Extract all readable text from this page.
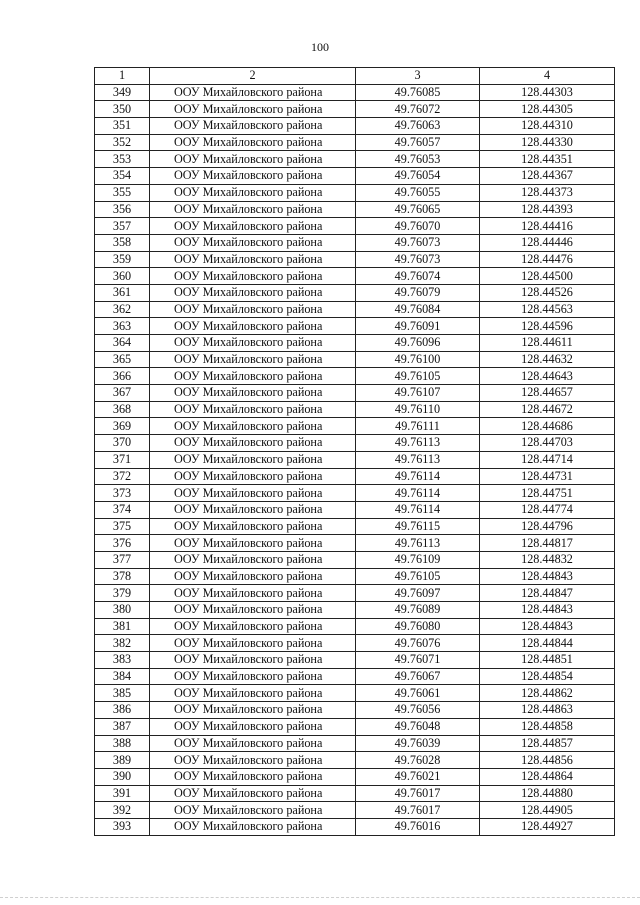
100
1	2	3	4
349	ООУ Михайловского района	49.76085	128.44303
350	ООУ Михайловского района	49.76072	128.44305
351	ООУ Михайловского района	49.76063	128.44310
352	ООУ Михайловского района	49.76057	128.44330
353	ООУ Михайловского района	49.76053	128.44351
354	ООУ Михайловского района	49.76054	128.44367
355	ООУ Михайловского района	49.76055	128.44373
356	ООУ Михайловского района	49.76065	128.44393
357	ООУ Михайловского района	49.76070	128.44416
358	ООУ Михайловского района	49.76073	128.44446
359	ООУ Михайловского района	49.76073	128.44476
360	ООУ Михайловского района	49.76074	128.44500
361	ООУ Михайловского района	49.76079	128.44526
362	ООУ Михайловского района	49.76084	128.44563
363	ООУ Михайловского района	49.76091	128.44596
364	ООУ Михайловского района	49.76096	128.44611
365	ООУ Михайловского района	49.76100	128.44632
366	ООУ Михайловского района	49.76105	128.44643
367	ООУ Михайловского района	49.76107	128.44657
368	ООУ Михайловского района	49.76110	128.44672
369	ООУ Михайловского района	49.76111	128.44686
370	ООУ Михайловского района	49.76113	128.44703
371	ООУ Михайловского района	49.76113	128.44714
372	ООУ Михайловского района	49.76114	128.44731
373	ООУ Михайловского района	49.76114	128.44751
374	ООУ Михайловского района	49.76114	128.44774
375	ООУ Михайловского района	49.76115	128.44796
376	ООУ Михайловского района	49.76113	128.44817
377	ООУ Михайловского района	49.76109	128.44832
378	ООУ Михайловского района	49.76105	128.44843
379	ООУ Михайловского района	49.76097	128.44847
380	ООУ Михайловского района	49.76089	128.44843
381	ООУ Михайловского района	49.76080	128.44843
382	ООУ Михайловского района	49.76076	128.44844
383	ООУ Михайловского района	49.76071	128.44851
384	ООУ Михайловского района	49.76067	128.44854
385	ООУ Михайловского района	49.76061	128.44862
386	ООУ Михайловского района	49.76056	128.44863
387	ООУ Михайловского района	49.76048	128.44858
388	ООУ Михайловского района	49.76039	128.44857
389	ООУ Михайловского района	49.76028	128.44856
390	ООУ Михайловского района	49.76021	128.44864
391	ООУ Михайловского района	49.76017	128.44880
392	ООУ Михайловского района	49.76017	128.44905
393	ООУ Михайловского района	49.76016	128.44927
